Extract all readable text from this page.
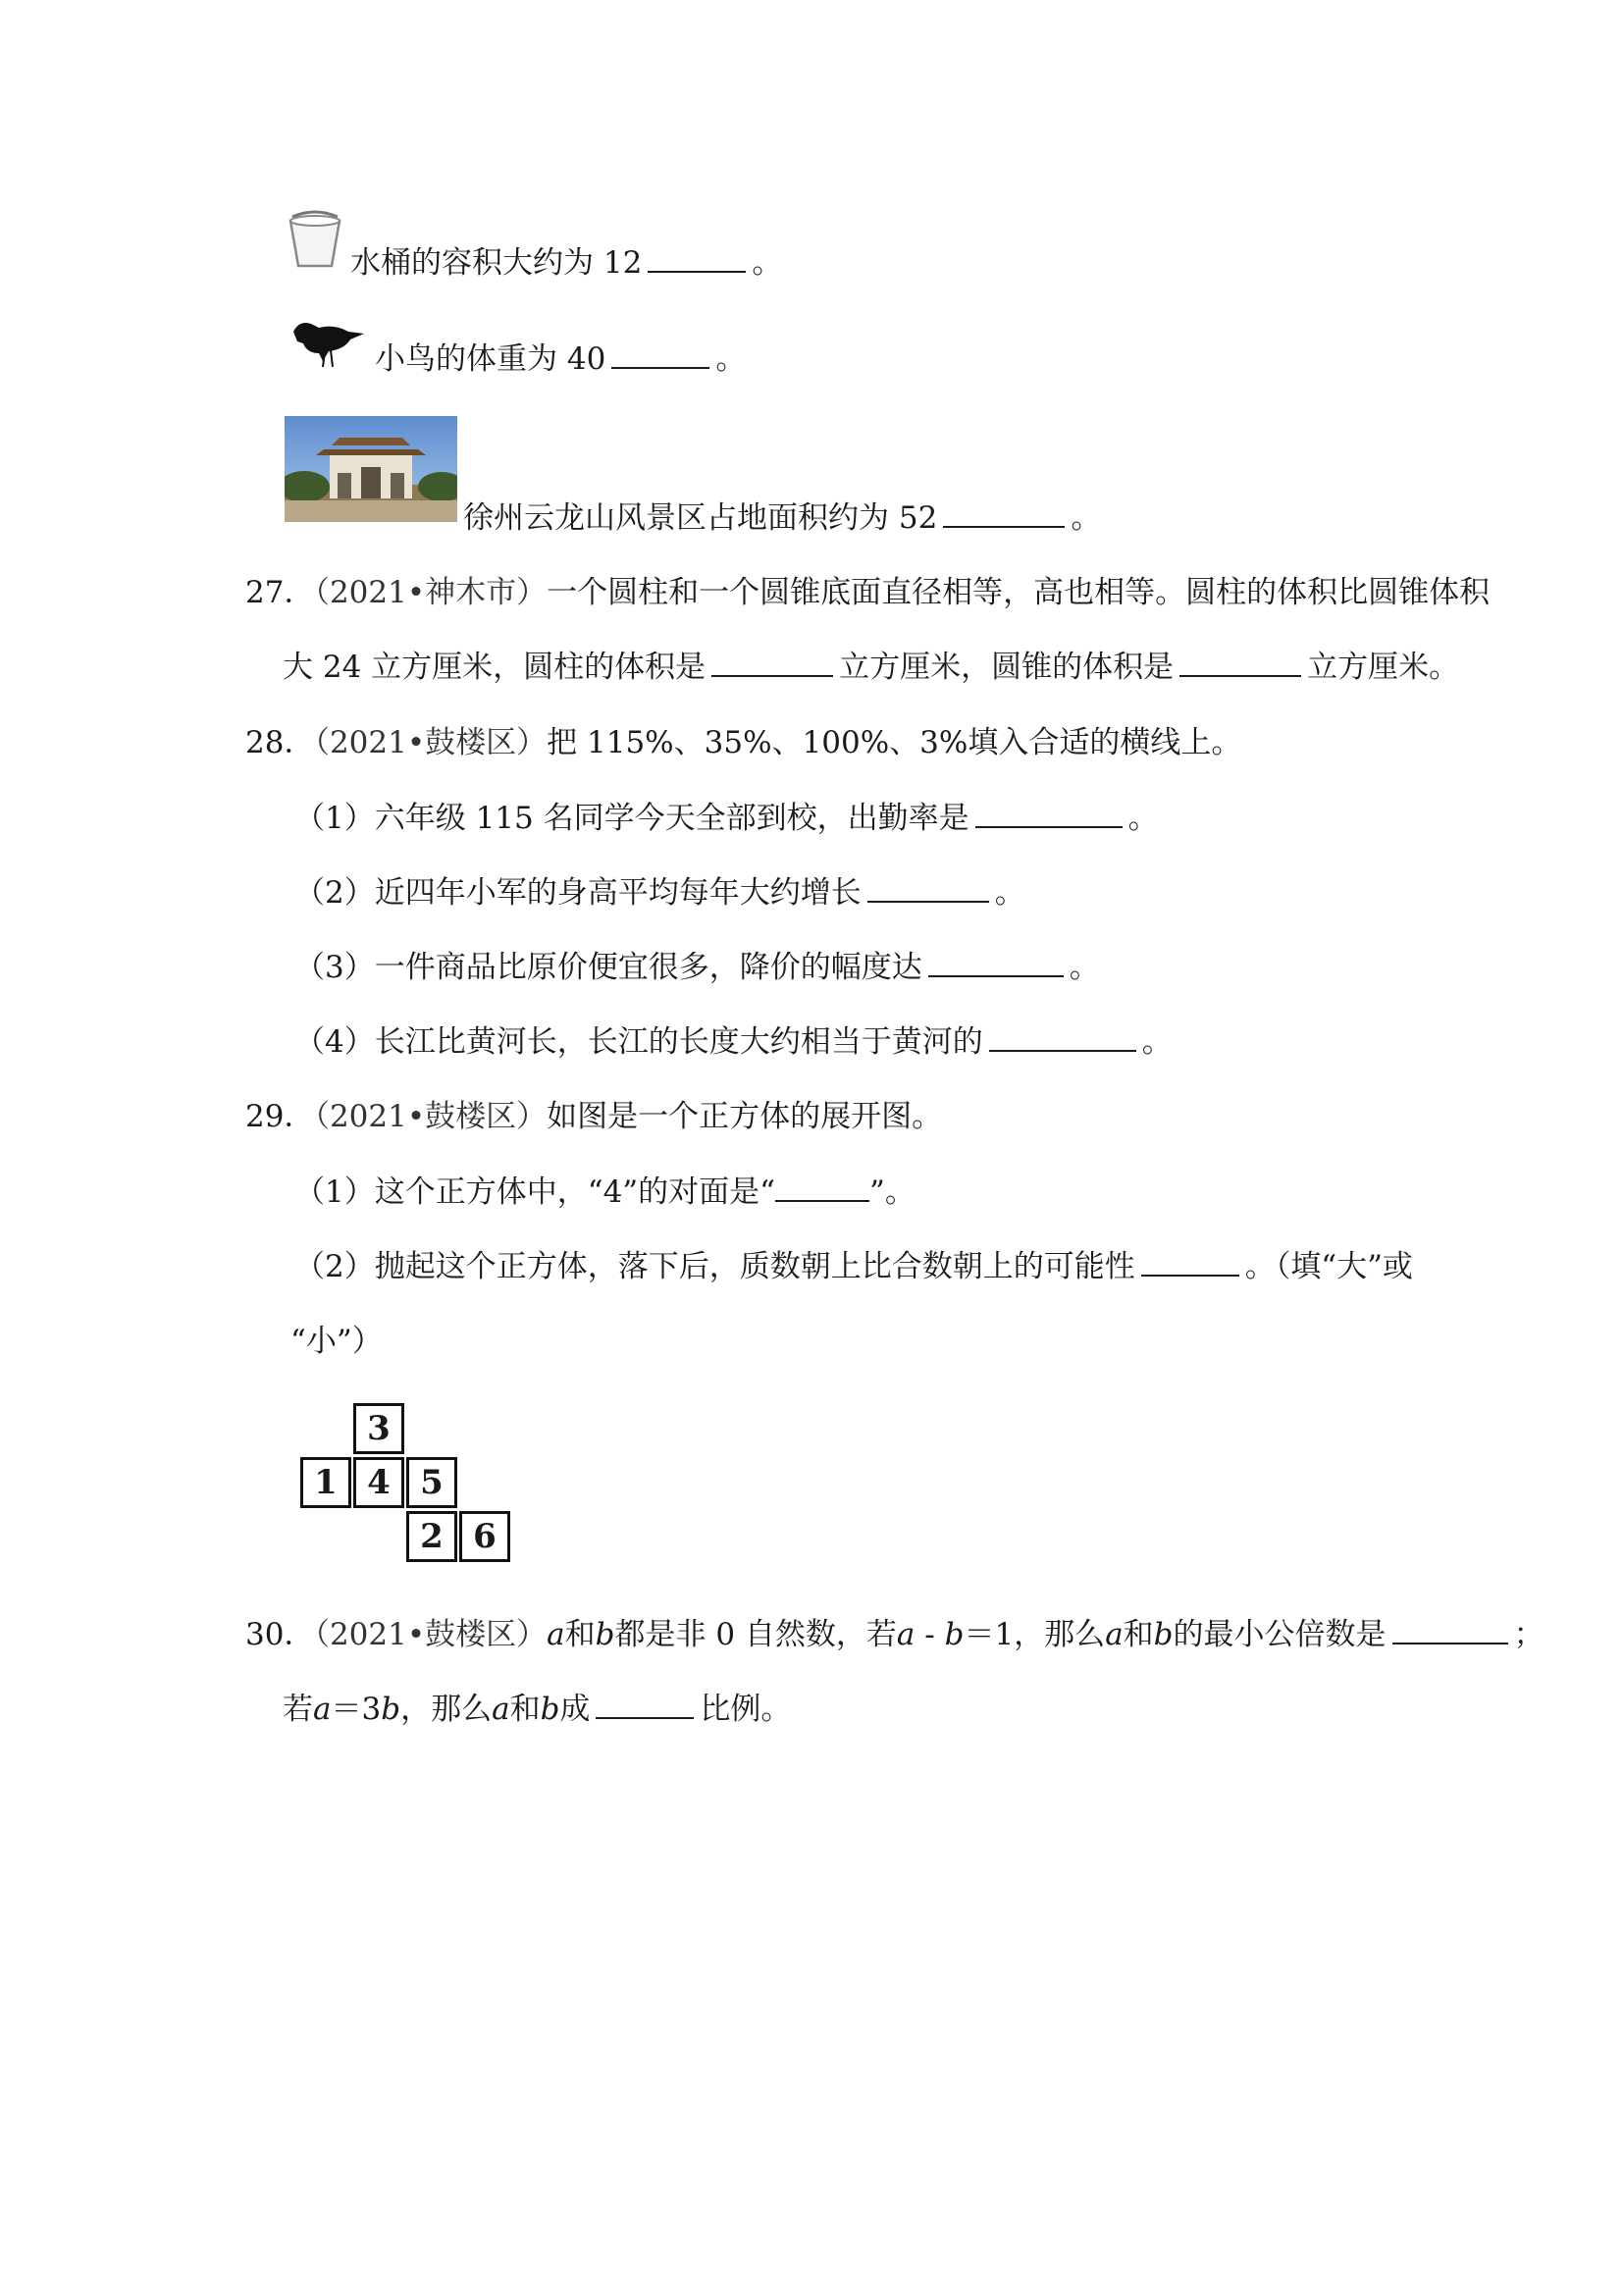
水桶的容积大约为 12	。
小鸟的体重为 40	。
徐州云龙山风景区占地面积约为 52	。
27．（2021•神木市）一个圆柱和一个圆锥底面直径相等，高也相等。圆柱的体积比圆锥体积
大 24 立方厘米，圆柱的体积是	立方厘米，圆锥的体积是	立方厘米。
28．（2021•鼓楼区）把 115%、35%、100%、3%填入合适的横线上。
（1）六年级 115 名同学今天全部到校，出勤率是	。
（2）近四年小军的身高平均每年大约增长	。
（3）一件商品比原价便宜很多，降价的幅度达	。
（4）长江比黄河长，长江的长度大约相当于黄河的	。
29．（2021•鼓楼区）如图是一个正方体的展开图。
（1）这个正方体中，“4”的对面是“	”。
（2）抛起这个正方体，落下后，质数朝上比合数朝上的可能性	。（填“大”或
“小”）
3
1 4 5
2 6
30．（2021•鼓楼区）a和b都是非 0 自然数，若a - b＝1，那么a和b的最小公倍数是	；
若a＝3b，那么a和b成	比例。
